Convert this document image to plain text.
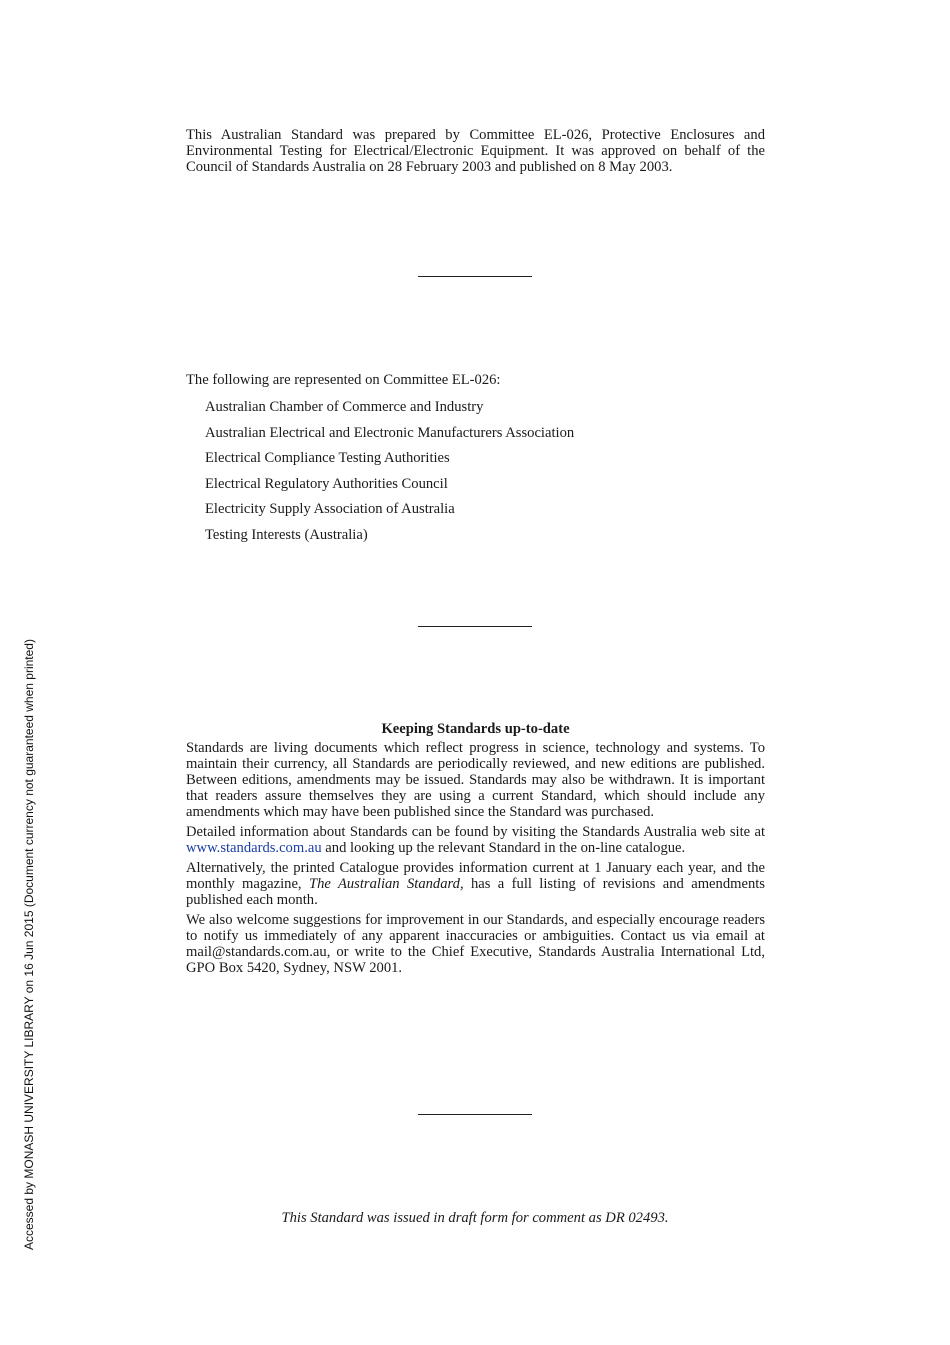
This Australian Standard was prepared by Committee EL-026, Protective Enclosures and Environmental Testing for Electrical/Electronic Equipment. It was approved on behalf of the Council of Standards Australia on 28 February 2003 and published on 8 May 2003.

The following are represented on Committee EL-026:

Australian Chamber of Commerce and Industry
Australian Electrical and Electronic Manufacturers Association
Electrical Compliance Testing Authorities
Electrical Regulatory Authorities Council
Electricity Supply Association of Australia
Testing Interests (Australia)
Keeping Standards up-to-date

Standards are living documents which reflect progress in science, technology and systems. To maintain their currency, all Standards are periodically reviewed, and new editions are published. Between editions, amendments may be issued. Standards may also be withdrawn. It is important that readers assure themselves they are using a current Standard, which should include any amendments which may have been published since the Standard was purchased.

Detailed information about Standards can be found by visiting the Standards Australia web site at www.standards.com.au and looking up the relevant Standard in the on-line catalogue.

Alternatively, the printed Catalogue provides information current at 1 January each year, and the monthly magazine, The Australian Standard, has a full listing of revisions and amendments published each month.

We also welcome suggestions for improvement in our Standards, and especially encourage readers to notify us immediately of any apparent inaccuracies or ambiguities. Contact us via email at mail@standards.com.au, or write to the Chief Executive, Standards Australia International Ltd, GPO Box 5420, Sydney, NSW 2001.

This Standard was issued in draft form for comment as DR 02493.
Accessed by MONASH UNIVERSITY LIBRARY on 16 Jun 2015 (Document currency not guaranteed when printed)
